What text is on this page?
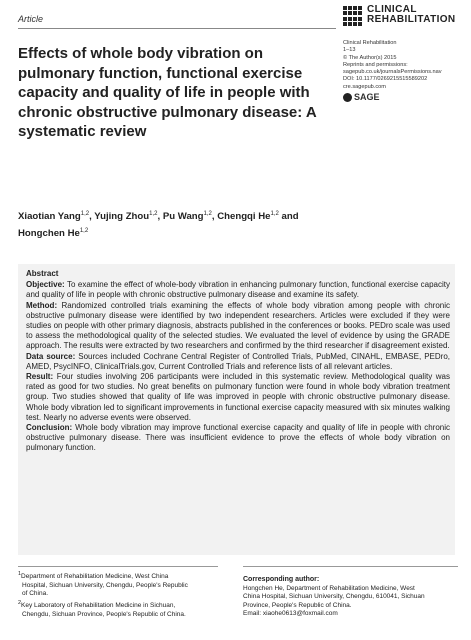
Article
CLINICAL
REHABILITATION
Clinical Rehabilitation
1–13
© The Author(s) 2015
Reprints and permissions:
sagepub.co.uk/journalsPermissions.nav
DOI: 10.1177/0269215515589202
cre.sagepub.com
SAGE
Effects of whole body vibration on pulmonary function, functional exercise capacity and quality of life in people with chronic obstructive pulmonary disease: A systematic review
Xiaotian Yang$^{1,2}$, Yujing Zhou$^{1,2}$, Pu Wang$^{1,2}$, Chengqi He$^{1,2}$ and Hongchen He$^{1,2}$
Abstract

Objective: To examine the effect of whole-body vibration in enhancing pulmonary function, functional exercise capacity and quality of life in people with chronic obstructive pulmonary disease and examine its safety.

Method: Randomized controlled trials examining the effects of whole body vibration among people with chronic obstructive pulmonary disease were identified by two independent researchers. Articles were excluded if they were studies on people with other primary diagnosis, abstracts published in the conferences or books. PEDro scale was used to assess the methodological quality of the selected studies. We evaluated the level of evidence by using the GRADE approach. The results were extracted by two researchers and confirmed by the third researcher if disagreement existed.

Data source: Sources included Cochrane Central Register of Controlled Trials, PubMed, CINAHL, EMBASE, PEDro, AMED, PsycINFO, ClinicalTrials.gov, Current Controlled Trials and reference lists of all relevant articles.

Result: Four studies involving 206 participants were included in this systematic review. Methodological quality was rated as good for two studies. No great benefits on pulmonary function were found in whole body vibration treatment group. Two studies showed that quality of life was improved in people with chronic obstructive pulmonary disease. Whole body vibration led to significant improvements in functional exercise capacity measured with six minutes walking test. Nearly no adverse events were observed.

Conclusion: Whole body vibration may improve functional exercise capacity and quality of life in people with chronic obstructive pulmonary disease. There was insufficient evidence to prove the effects of whole body vibration on pulmonary function.

$^1$Department of Rehabilitation Medicine, West China
Hospital, Sichuan University, Chengdu, People's Republic
of China.
$^2$Key Laboratory of Rehabilitation Medicine in Sichuan,
Chengdu, Sichuan Province, People's Republic of China.
Corresponding author:
Hongchen He, Department of Rehabilitation Medicine, West
China Hospital, Sichuan University, Chengdu, 610041, Sichuan
Province, People's Republic of China.
Email: xiaohe0613@foxmail.com
